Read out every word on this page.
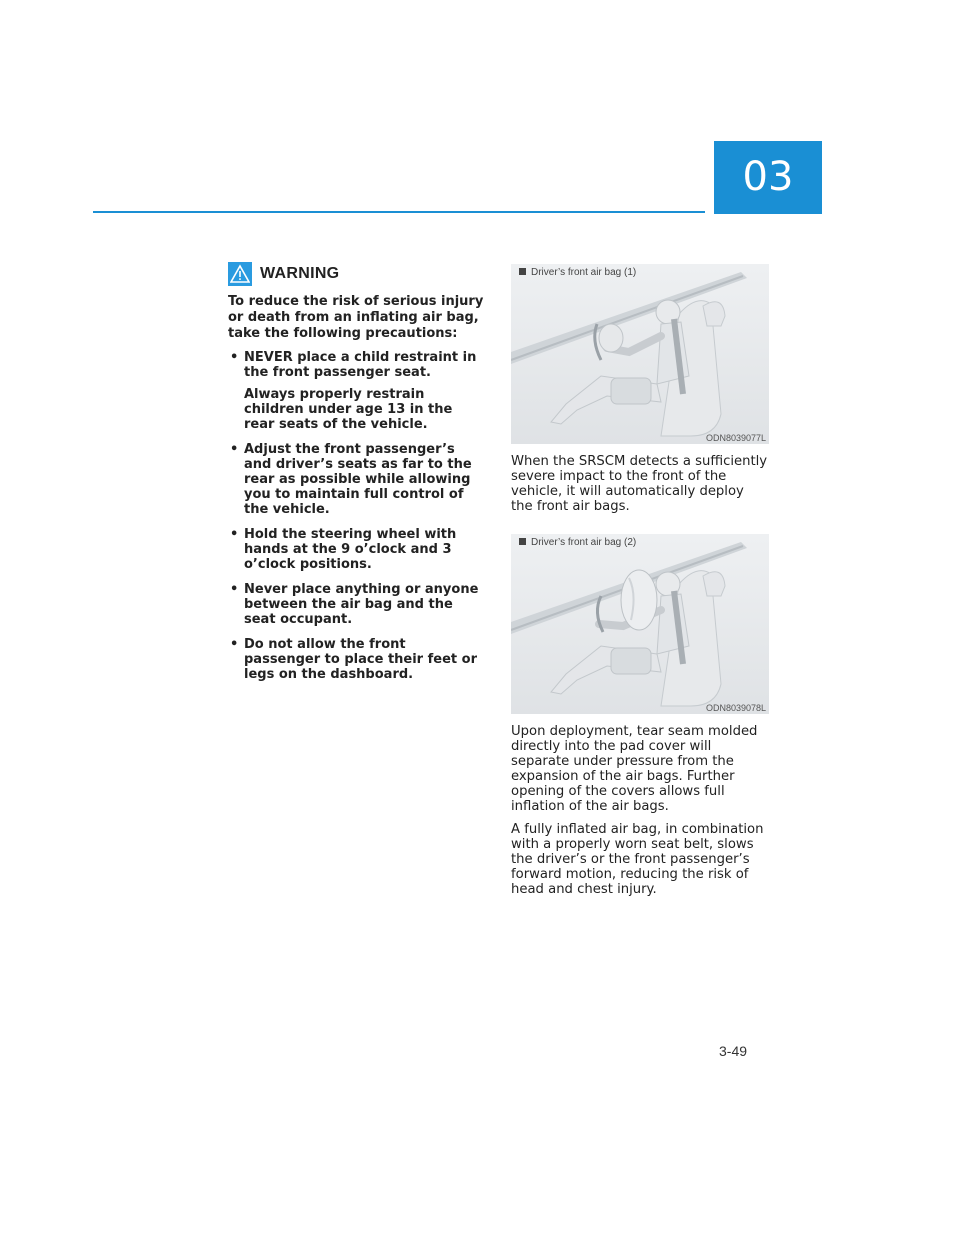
03
WARNING

To reduce the risk of serious injury or death from an inflating air bag, take the following precautions:

• NEVER place a child restraint in the front passenger seat.
Always properly restrain children under age 13 in the rear seats of the vehicle.
• Adjust the front passenger’s and driver’s seats as far to the rear as possible while allowing you to maintain full control of the vehicle.
• Hold the steering wheel with hands at the 9 o’clock and 3 o’clock positions.
• Never place anything or anyone between the air bag and the seat occupant.
• Do not allow the front passenger to place their feet or legs on the dashboard.
Driver’s front air bag (1)
ODN8039077L

When the SRSCM detects a sufficiently severe impact to the front of the vehicle, it will automatically deploy the front air bags.

Driver’s front air bag (2)
ODN8039078L

Upon deployment, tear seam molded directly into the pad cover will separate under pressure from the expansion of the air bags. Further opening of the covers allows full inflation of the air bags.

A fully inflated air bag, in combination with a properly worn seat belt, slows the driver’s or the front passenger’s forward motion, reducing the risk of head and chest injury.

3-49
